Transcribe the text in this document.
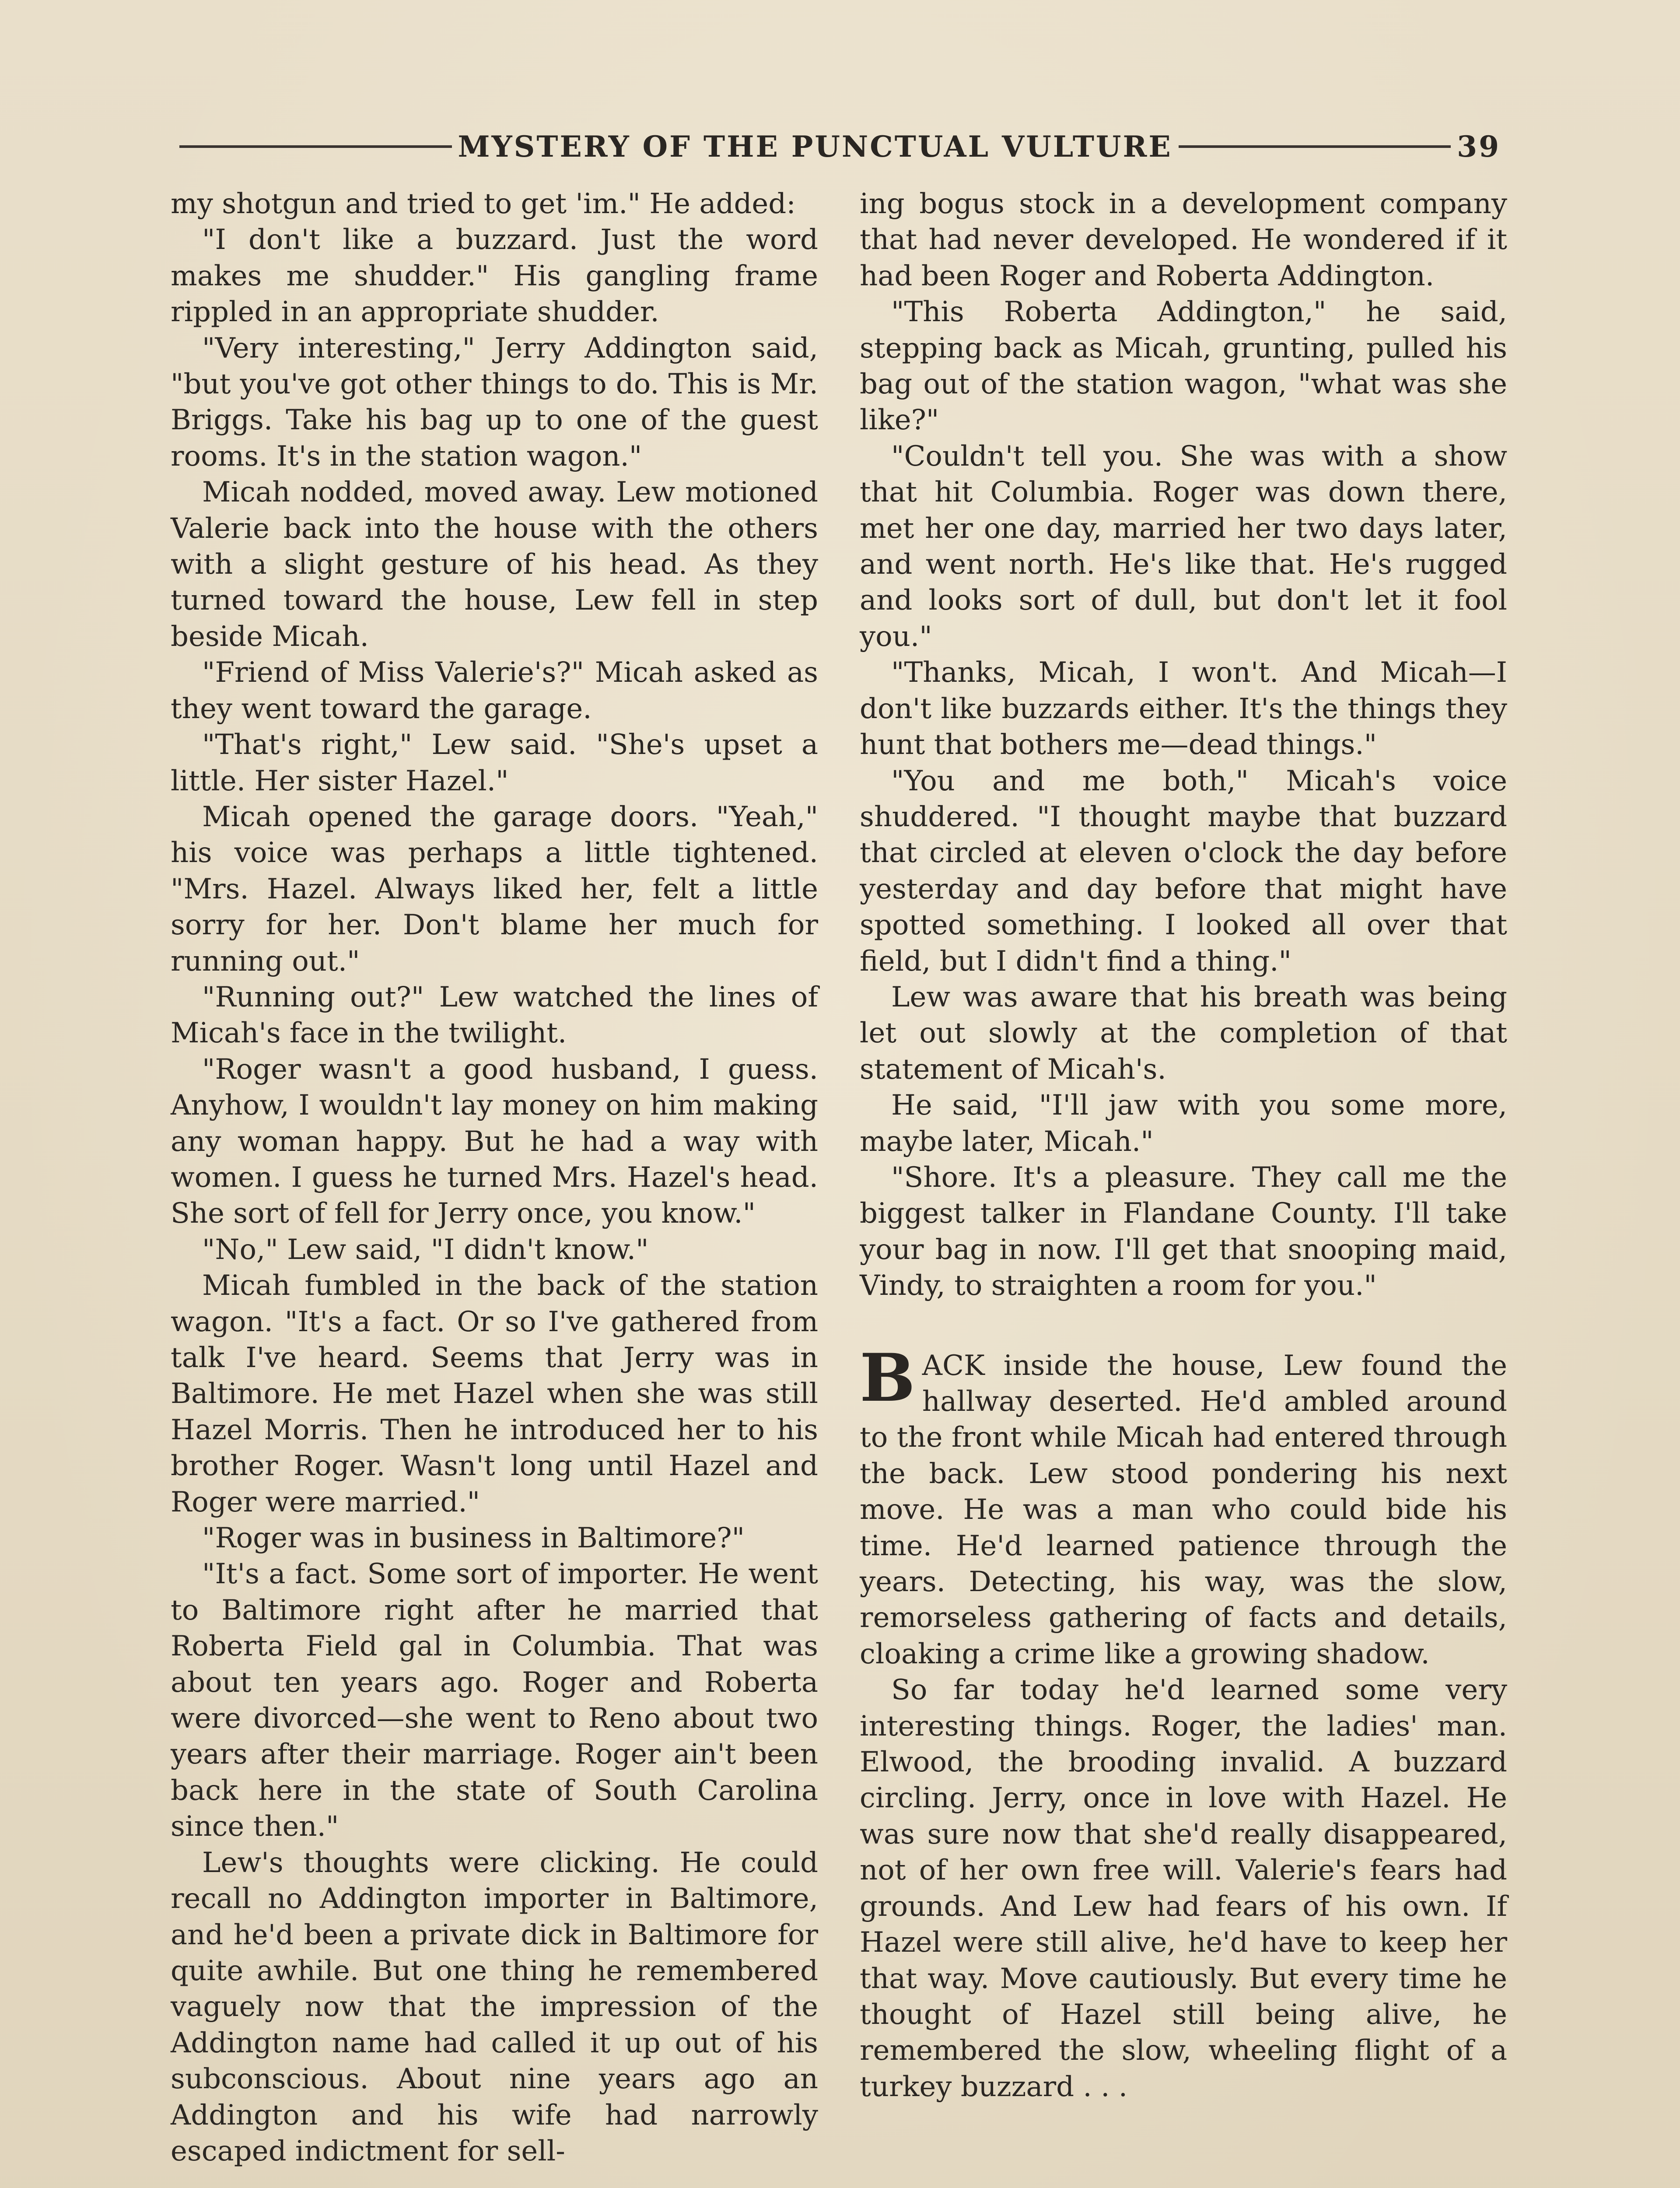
MYSTERY OF THE PUNCTUAL VULTURE	39

my shotgun and tried to get 'im." He added:

"I don't like a buzzard. Just the word makes me shudder." His gangling frame rippled in an appropriate shudder.

"Very interesting," Jerry Addington said, "but you've got other things to do. This is Mr. Briggs. Take his bag up to one of the guest rooms. It's in the station wagon."

Micah nodded, moved away. Lew motioned Valerie back into the house with the others with a slight gesture of his head. As they turned toward the house, Lew fell in step beside Micah.

"Friend of Miss Valerie's?" Micah asked as they went toward the garage.

"That's right," Lew said. "She's upset a little. Her sister Hazel."

Micah opened the garage doors. "Yeah," his voice was perhaps a little tightened. "Mrs. Hazel. Always liked her, felt a little sorry for her. Don't blame her much for running out."

"Running out?" Lew watched the lines of Micah's face in the twilight.

"Roger wasn't a good husband, I guess. Anyhow, I wouldn't lay money on him making any woman happy. But he had a way with women. I guess he turned Mrs. Hazel's head. She sort of fell for Jerry once, you know."

"No," Lew said, "I didn't know."

Micah fumbled in the back of the station wagon. "It's a fact. Or so I've gathered from talk I've heard. Seems that Jerry was in Baltimore. He met Hazel when she was still Hazel Morris. Then he introduced her to his brother Roger. Wasn't long until Hazel and Roger were married."

"Roger was in business in Baltimore?"

"It's a fact. Some sort of importer. He went to Baltimore right after he married that Roberta Field gal in Columbia. That was about ten years ago. Roger and Roberta were divorced—she went to Reno about two years after their marriage. Roger ain't been back here in the state of South Carolina since then."

Lew's thoughts were clicking. He could recall no Addington importer in Baltimore, and he'd been a private dick in Baltimore for quite awhile. But one thing he remembered vaguely now that the impression of the Addington name had called it up out of his subconscious. About nine years ago an Addington and his wife had narrowly escaped indictment for sell-

ing bogus stock in a development company that had never developed. He wondered if it had been Roger and Roberta Addington.

"This Roberta Addington," he said, stepping back as Micah, grunting, pulled his bag out of the station wagon, "what was she like?"

"Couldn't tell you. She was with a show that hit Columbia. Roger was down there, met her one day, married her two days later, and went north. He's like that. He's rugged and looks sort of dull, but don't let it fool you."

"Thanks, Micah, I won't. And Micah—I don't like buzzards either. It's the things they hunt that bothers me—dead things."

"You and me both," Micah's voice shuddered. "I thought maybe that buzzard that circled at eleven o'clock the day before yesterday and day before that might have spotted something. I looked all over that field, but I didn't find a thing."

Lew was aware that his breath was being let out slowly at the completion of that statement of Micah's.

He said, "I'll jaw with you some more, maybe later, Micah."

"Shore. It's a pleasure. They call me the biggest talker in Flandane County. I'll take your bag in now. I'll get that snooping maid, Vindy, to straighten a room for you."

BACK inside the house, Lew found the hallway deserted. He'd ambled around to the front while Micah had entered through the back. Lew stood pondering his next move. He was a man who could bide his time. He'd learned patience through the years. Detecting, his way, was the slow, remorseless gathering of facts and details, cloaking a crime like a growing shadow.

So far today he'd learned some very interesting things. Roger, the ladies' man. Elwood, the brooding invalid. A buzzard circling. Jerry, once in love with Hazel. He was sure now that she'd really disappeared, not of her own free will. Valerie's fears had grounds. And Lew had fears of his own. If Hazel were still alive, he'd have to keep her that way. Move cautiously. But every time he thought of Hazel still being alive, he remembered the slow, wheeling flight of a turkey buzzard . . .
